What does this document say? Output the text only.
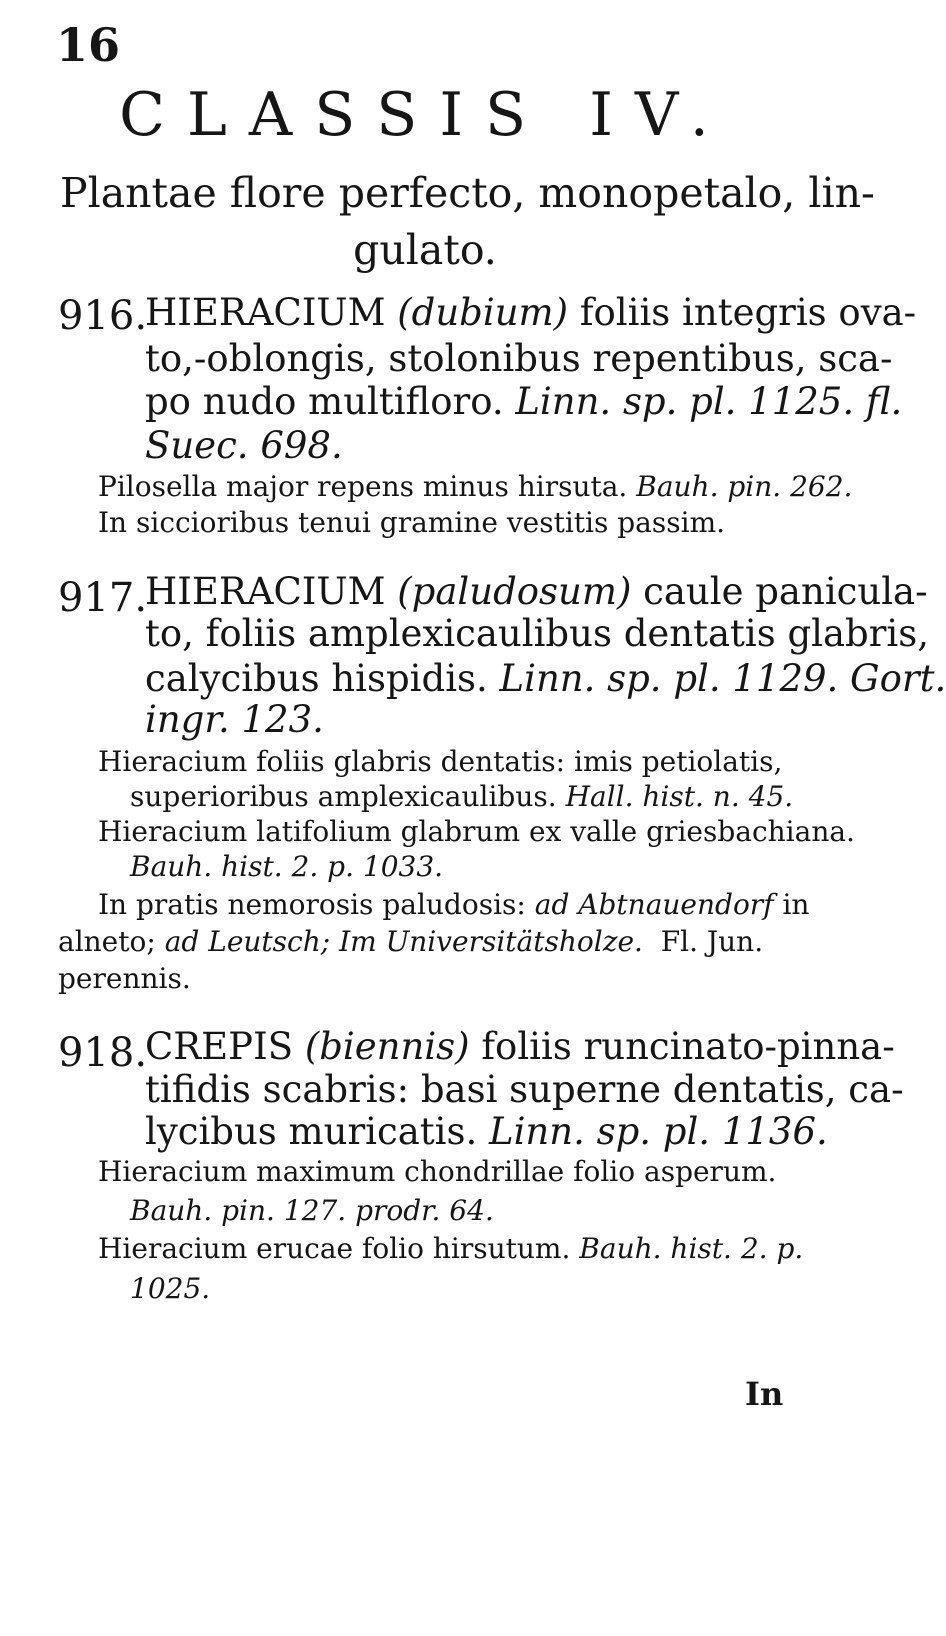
16
CLASSIS IV.
Plantae flore perfecto, monopetalo, lin-
gulato.
916.
HIERACIUM (dubium) foliis integris ova-
to,-oblongis, stolonibus repentibus, sca-
po nudo multifloro. Linn. sp. pl. 1125. fl.
Suec. 698.
Pilosella major repens minus hirsuta. Bauh. pin. 262.
In siccioribus tenui gramine vestitis passim.
917.
HIERACIUM (paludosum) caule panicula-
to, foliis amplexicaulibus dentatis glabris,
calycibus hispidis. Linn. sp. pl. 1129. Gort.
ingr. 123.
Hieracium foliis glabris dentatis: imis petiolatis,
superioribus amplexicaulibus. Hall. hist. n. 45.
Hieracium latifolium glabrum ex valle griesbachiana.
Bauh. hist. 2. p. 1033.
In pratis nemorosis paludosis: ad Abtnauendorf in
alneto; ad Leutsch; Im Universitätsholze. Fl. Jun.
perennis.
918.
CREPIS (biennis) foliis runcinato-pinna-
tifidis scabris: basi superne dentatis, ca-
lycibus muricatis. Linn. sp. pl. 1136.
Hieracium maximum chondrillae folio asperum.
Bauh. pin. 127. prodr. 64.
Hieracium erucae folio hirsutum. Bauh. hist. 2. p.
1025.
In
